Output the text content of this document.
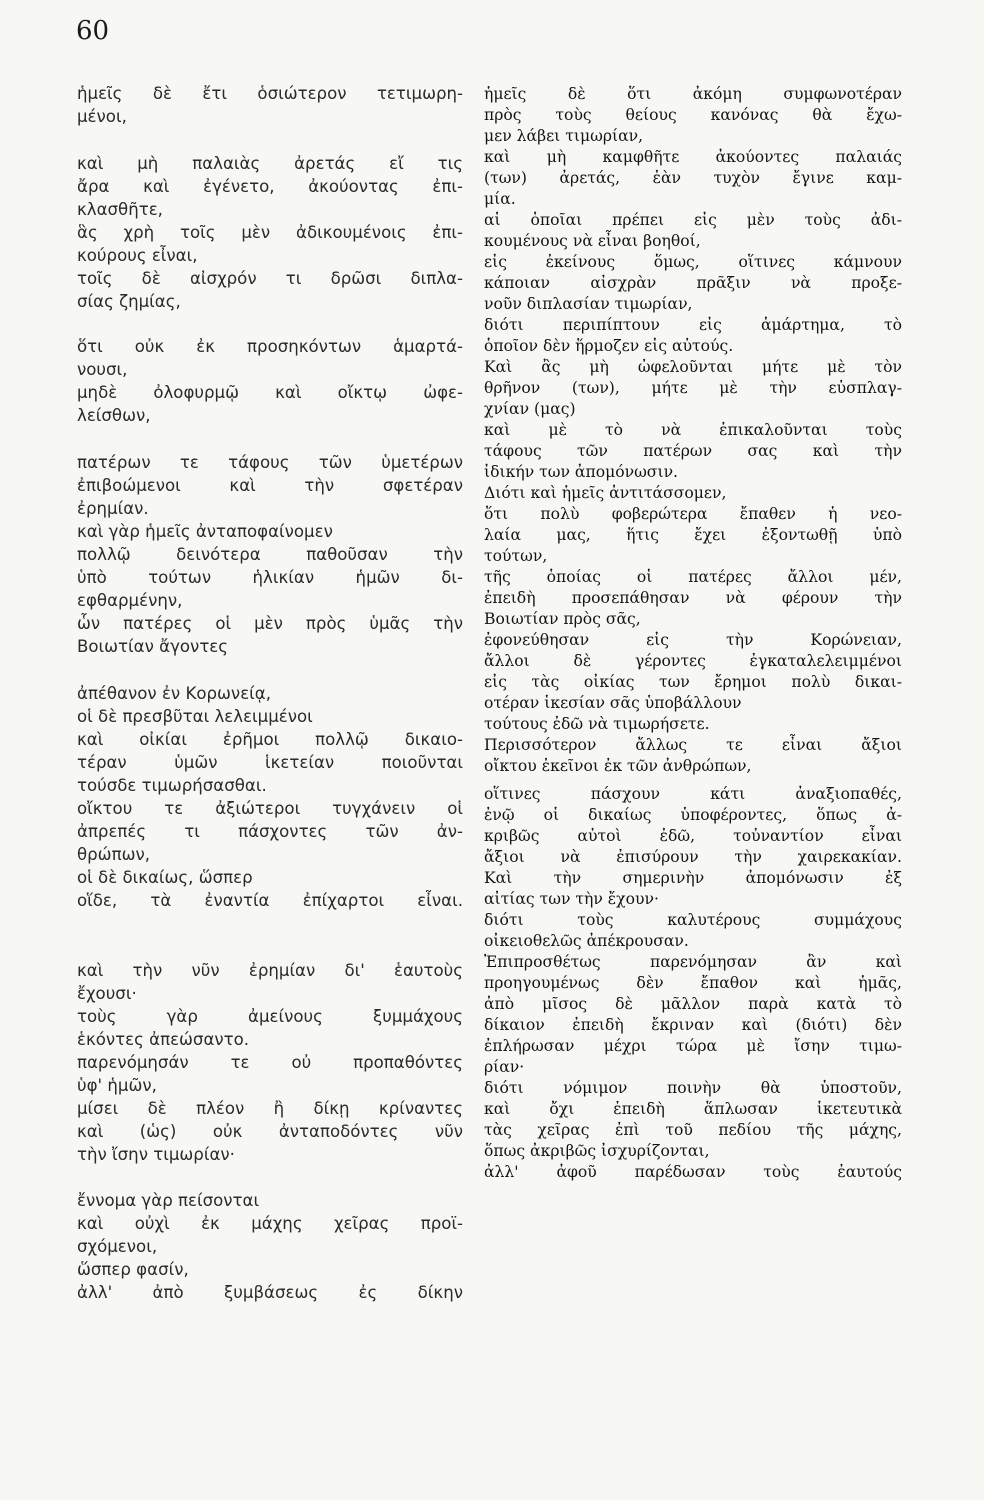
60
ἡμεῖς δὲ ἔτι ὁσιώτερον τετιμωρη-
μένοι,
καὶ μὴ παλαιὰς ἀρετάς εἴ τις
ἄρα καὶ ἐγένετο, ἀκούοντας ἐπι-
κλασθῆτε,
ἃς χρὴ τοῖς μὲν ἀδικουμένοις ἐπι-
κούρους εἶναι,
τοῖς δὲ αἰσχρόν τι δρῶσι διπλα-
σίας ζημίας,
ὅτι οὐκ ἐκ προσηκόντων ἁμαρτά-
νουσι,
μηδὲ ὀλοφυρμῷ καὶ οἴκτῳ ὠφε-
λείσθων,
πατέρων τε τάφους τῶν ὑμετέρων
ἐπιβοώμενοι καὶ τὴν σφετέραν
ἐρημίαν.
καὶ γὰρ ἡμεῖς ἀνταποφαίνομεν
πολλῷ δεινότερα παθοῦσαν τὴν
ὑπὸ τούτων ἡλικίαν ἡμῶν δι-
εφθαρμένην,
ὧν πατέρες οἱ μὲν πρὸς ὑμᾶς τὴν
Βοιωτίαν ἄγοντες
ἀπέθανον ἐν Κορωνείᾳ,
οἱ δὲ πρεσβῦται λελειμμένοι
καὶ οἰκίαι ἐρῆμοι πολλῷ δικαιο-
τέραν ὑμῶν ἱκετείαν ποιοῦνται
τούσδε τιμωρήσασθαι.
οἴκτου τε ἀξιώτεροι τυγχάνειν οἱ
ἀπρεπές τι πάσχοντες τῶν ἀν-
θρώπων,
οἱ δὲ δικαίως, ὥσπερ
οἵδε, τὰ ἐναντία ἐπίχαρτοι εἶναι.
καὶ τὴν νῦν ἐρημίαν δι' ἑαυτοὺς
ἔχουσι·
τοὺς γὰρ ἀμείνους ξυμμάχους
ἑκόντες ἀπεώσαντο.
παρενόμησάν τε οὐ προπαθόντες
ὑφ' ἡμῶν,
μίσει δὲ πλέον ἢ δίκῃ κρίναντες
καὶ (ὡς) οὐκ ἀνταποδόντες νῦν
τὴν ἴσην τιμωρίαν·
ἔννομα γὰρ πείσονται
καὶ οὐχὶ ἐκ μάχης χεῖρας προϊ-
σχόμενοι,
ὥσπερ φασίν,
ἀλλ' ἀπὸ ξυμβάσεως ἐς δίκην
ἡμεῖς δὲ ὅτι ἀκόμη συμφωνοτέραν
πρὸς τοὺς θείους κανόνας θὰ ἔχω-
μεν λάβει τιμωρίαν,
καὶ μὴ καμφθῆτε ἀκούοντες παλαιάς
(των) ἀρετάς, ἐὰν τυχὸν ἔγινε καμ-
μία.
αἱ ὁποῖαι πρέπει εἰς μὲν τοὺς ἀδι-
κουμένους νὰ εἶναι βοηθοί,
εἰς ἐκείνους ὅμως, οἵτινες κάμνουν
κάποιαν αἰσχρὰν πρᾶξιν νὰ προξε-
νοῦν διπλασίαν τιμωρίαν,
διότι περιπίπτουν εἰς ἁμάρτημα, τὸ
ὁποῖον δὲν ἥρμοζεν εἰς αὐτούς.
Καὶ ἂς μὴ ὠφελοῦνται μήτε μὲ τὸν
θρῆνον (των), μήτε μὲ τὴν εὐσπλαγ-
χνίαν (μας)
καὶ μὲ τὸ νὰ ἐπικαλοῦνται τοὺς
τάφους τῶν πατέρων σας καὶ τὴν
ἰδικήν των ἀπομόνωσιν.
Διότι καὶ ἡμεῖς ἀντιτάσσομεν,
ὅτι πολὺ φοβερώτερα ἔπαθεν ἡ νεο-
λαία μας, ἥτις ἔχει ἐξοντωθῇ ὑπὸ
τούτων,
τῆς ὁποίας οἱ πατέρες ἄλλοι μέν,
ἐπειδὴ προσεπάθησαν νὰ φέρουν τὴν
Βοιωτίαν πρὸς σᾶς,
ἐφονεύθησαν εἰς τὴν Κορώνειαν,
ἄλλοι δὲ γέροντες ἐγκαταλελειμμένοι
εἰς τὰς οἰκίας των ἔρημοι πολὺ δικαι-
οτέραν ἱκεσίαν σᾶς ὑποβάλλουν
τούτους ἐδῶ νὰ τιμωρήσετε.
Περισσότερον ἄλλως τε εἶναι ἄξιοι
οἴκτου ἐκεῖνοι ἐκ τῶν ἀνθρώπων,
οἵτινες πάσχουν κάτι ἀναξιοπαθές,
ἐνῷ οἱ δικαίως ὑποφέροντες, ὅπως ἀ-
κριβῶς αὐτοὶ ἐδῶ, τοὐναντίον εἶναι
ἄξιοι νὰ ἐπισύρουν τὴν χαιρεκακίαν.
Καὶ τὴν σημερινὴν ἀπομόνωσιν ἐξ
αἰτίας των τὴν ἔχουν·
διότι τοὺς καλυτέρους συμμάχους
οἰκειοθελῶς ἀπέκρουσαν.
Ἐπιπροσθέτως παρενόμησαν ἂν καὶ
προηγουμένως δὲν ἔπαθον καὶ ἡμᾶς,
ἀπὸ μῖσος δὲ μᾶλλον παρὰ κατὰ τὸ
δίκαιον ἐπειδὴ ἔκριναν καὶ (διότι) δὲν
ἐπλήρωσαν μέχρι τώρα μὲ ἴσην τιμω-
ρίαν·
διότι νόμιμον ποινὴν θὰ ὑποστοῦν,
καὶ ὄχι ἐπειδὴ ἅπλωσαν ἱκετευτικὰ
τὰς χεῖρας ἐπὶ τοῦ πεδίου τῆς μάχης,
ὅπως ἀκριβῶς ἰσχυρίζονται,
ἀλλ' ἀφοῦ παρέδωσαν τοὺς ἑαυτούς
